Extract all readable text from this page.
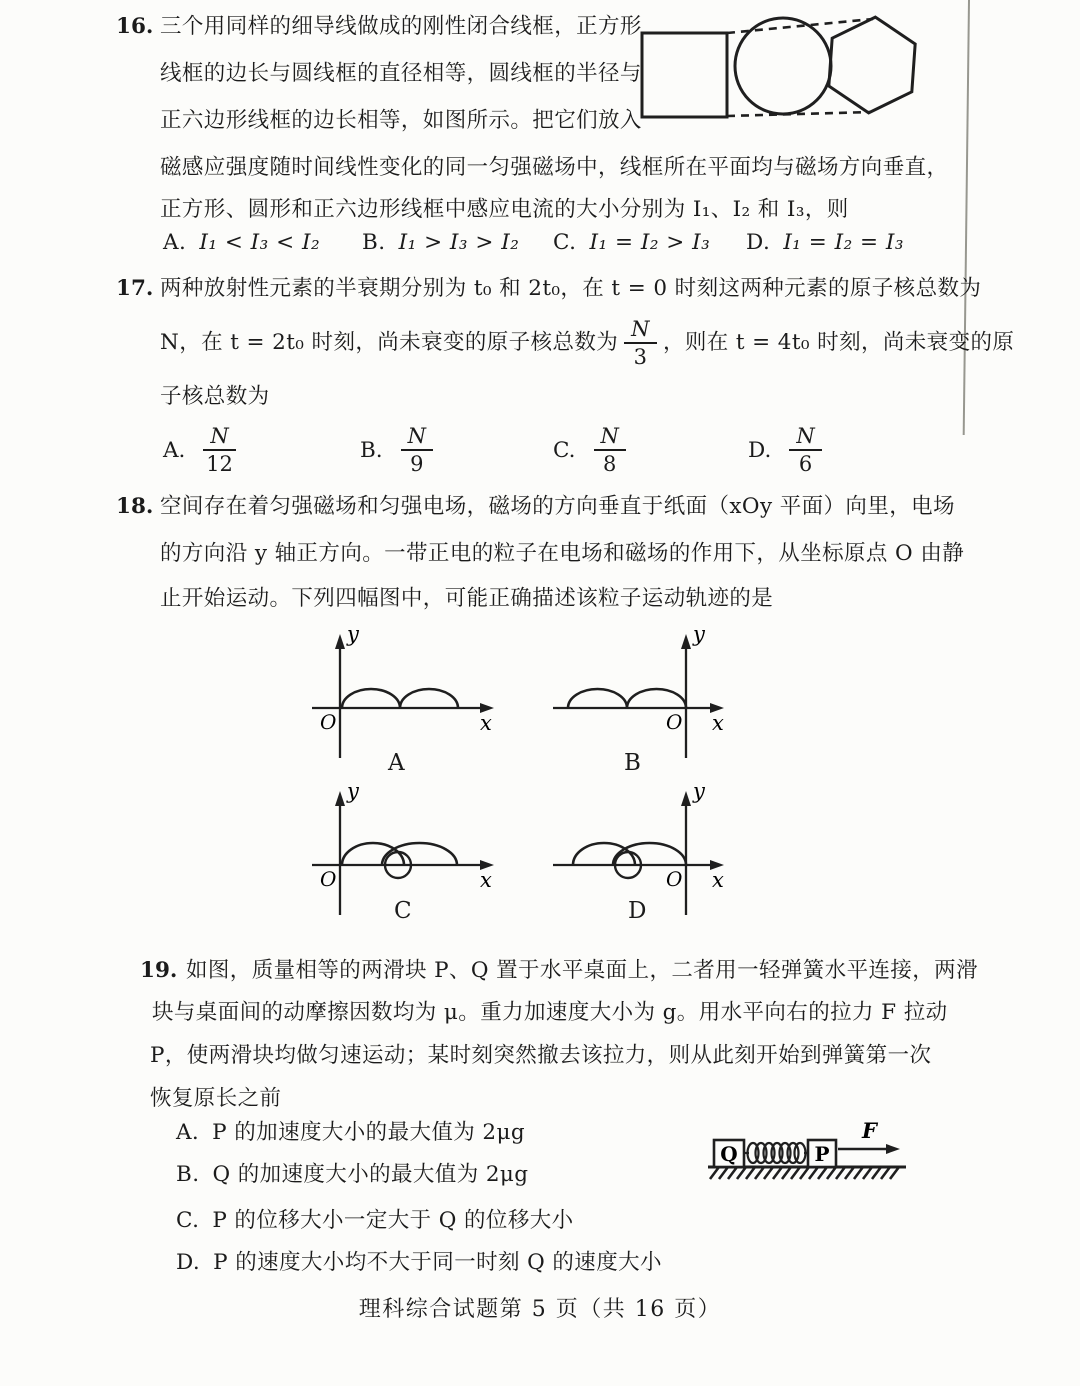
16. 三个用同样的细导线做成的刚性闭合线框，正方形
线框的边长与圆线框的直径相等，圆线框的半径与
正六边形线框的边长相等，如图所示。把它们放入
磁感应强度随时间线性变化的同一匀强磁场中，线框所在平面均与磁场方向垂直，
正方形、圆形和正六边形线框中感应电流的大小分别为 I₁、I₂ 和 I₃，则
A. I₁ < I₃ < I₂ B. I₁ > I₃ > I₂ C. I₁ = I₂ > I₃ D. I₁ = I₂ = I₃
17. 两种放射性元素的半衰期分别为 t₀ 和 2t₀，在 t = 0 时刻这两种元素的原子核总数为
N，在 t = 2t₀ 时刻，尚未衰变的原子核总数为 $\frac{N}{3}$ ，则在 t = 4t₀ 时刻，尚未衰变的原
子核总数为
A. $\frac{N}{12}$	B. $\frac{N}{9}$	C. $\frac{N}{8}$	D. $\frac{N}{6}$
18. 空间存在着匀强磁场和匀强电场，磁场的方向垂直于纸面（xOy 平面）向里，电场
的方向沿 y 轴正方向。一带正电的粒子在电场和磁场的作用下，从坐标原点 O 由静
止开始运动。下列四幅图中，可能正确描述该粒子运动轨迹的是
y
x
O
A
y
x
O
B
y
x
O
C
y
x
O
D
19. 如图，质量相等的两滑块 P、Q 置于水平桌面上，二者用一轻弹簧水平连接，两滑
块与桌面间的动摩擦因数均为 μ。重力加速度大小为 g。用水平向右的拉力 F 拉动
P，使两滑块均做匀速运动；某时刻突然撤去该拉力，则从此刻开始到弹簧第一次
恢复原长之前
A. P 的加速度大小的最大值为 2μg
B. Q 的加速度大小的最大值为 2μg
C. P 的位移大小一定大于 Q 的位移大小
D. P 的速度大小均不大于同一时刻 Q 的速度大小
Q	P
F
理科综合试题第 5 页（共 16 页）
